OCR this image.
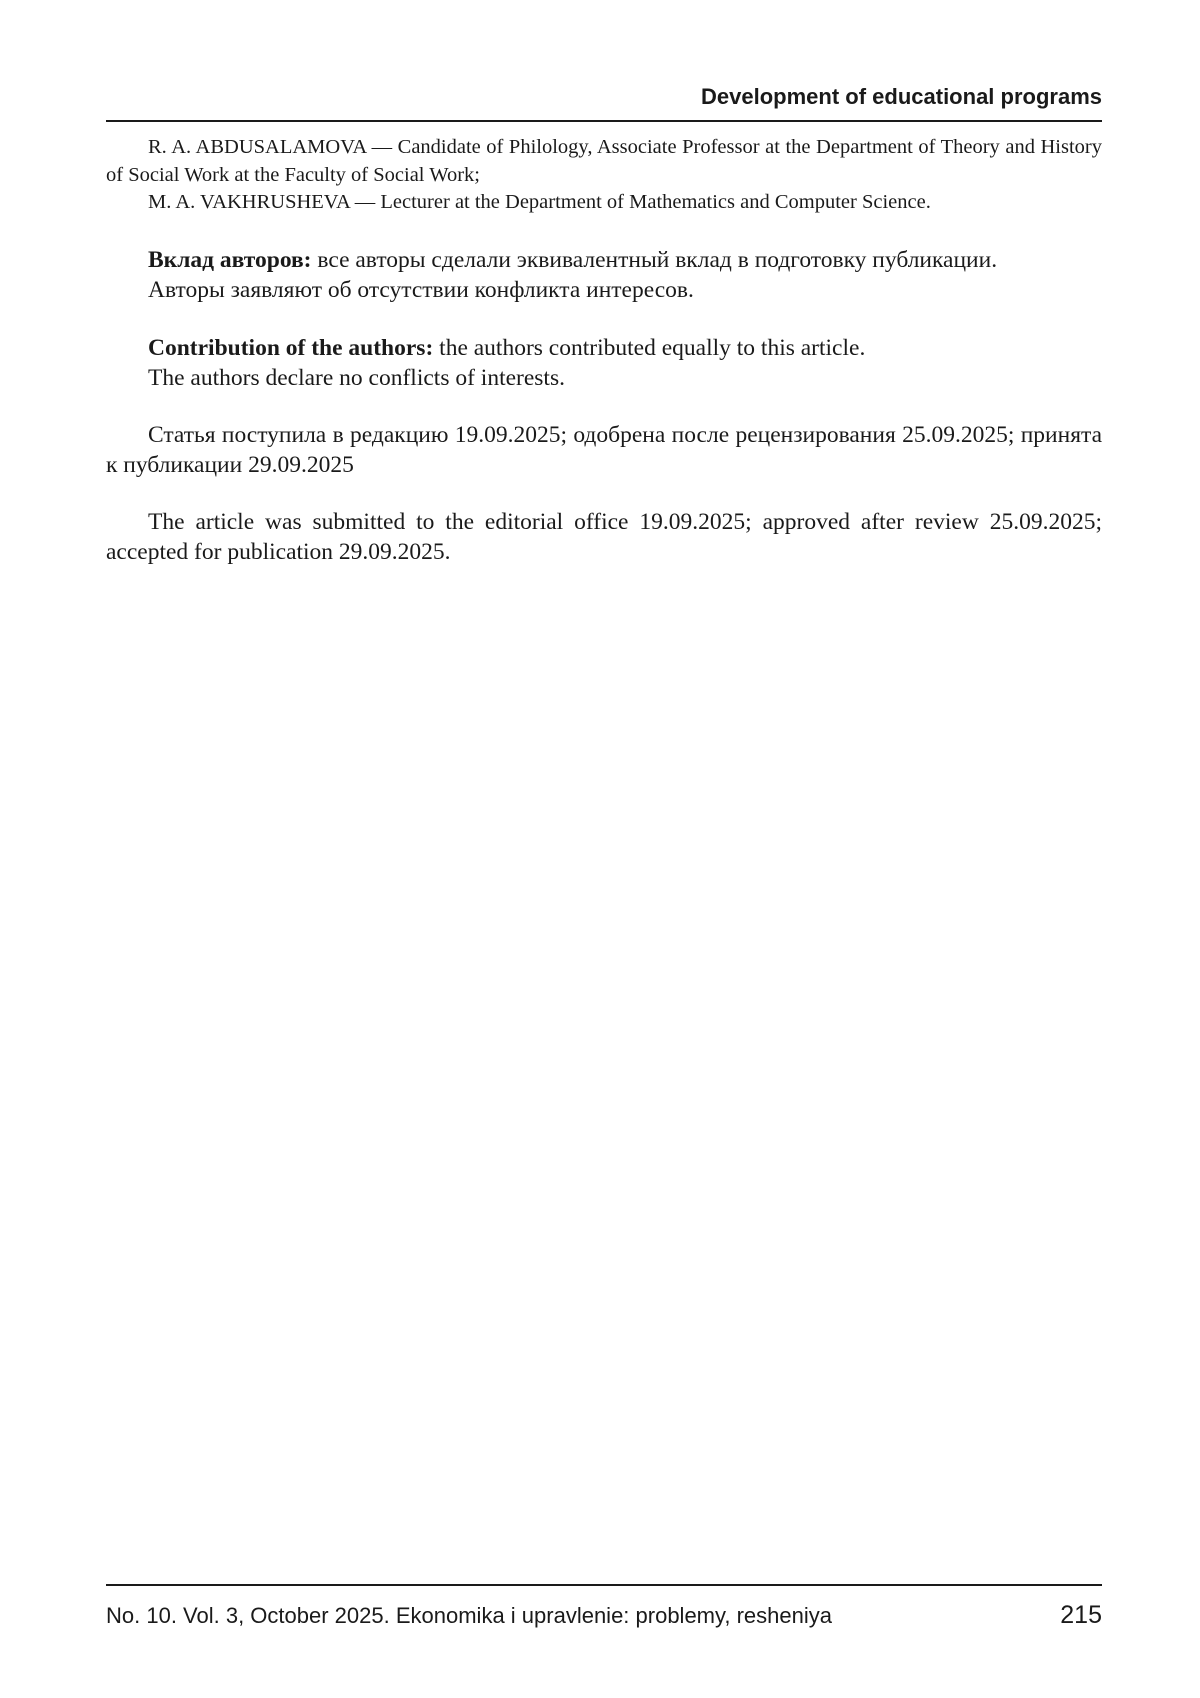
Development of educational programs

R. A. ABDUSALAMOVA — Candidate of Philology, Associate Professor at the Department of Theory and History of Social Work at the Faculty of Social Work;

M. A. VAKHRUSHEVA — Lecturer at the Department of Mathematics and Computer Science.

Вклад авторов: все авторы сделали эквивалентный вклад в подготовку публикации.

Авторы заявляют об отсутствии конфликта интересов.

Contribution of the authors: the authors contributed equally to this article.

The authors declare no conflicts of interests.

Статья поступила в редакцию 19.09.2025; одобрена после рецензирования 25.09.2025; принята к публикации 29.09.2025

The article was submitted to the editorial office 19.09.2025; approved after review 25.09.2025; accepted for publication 29.09.2025.

No. 10. Vol. 3, October 2025. Ekonomika i upravlenie: problemy, resheniya	215
